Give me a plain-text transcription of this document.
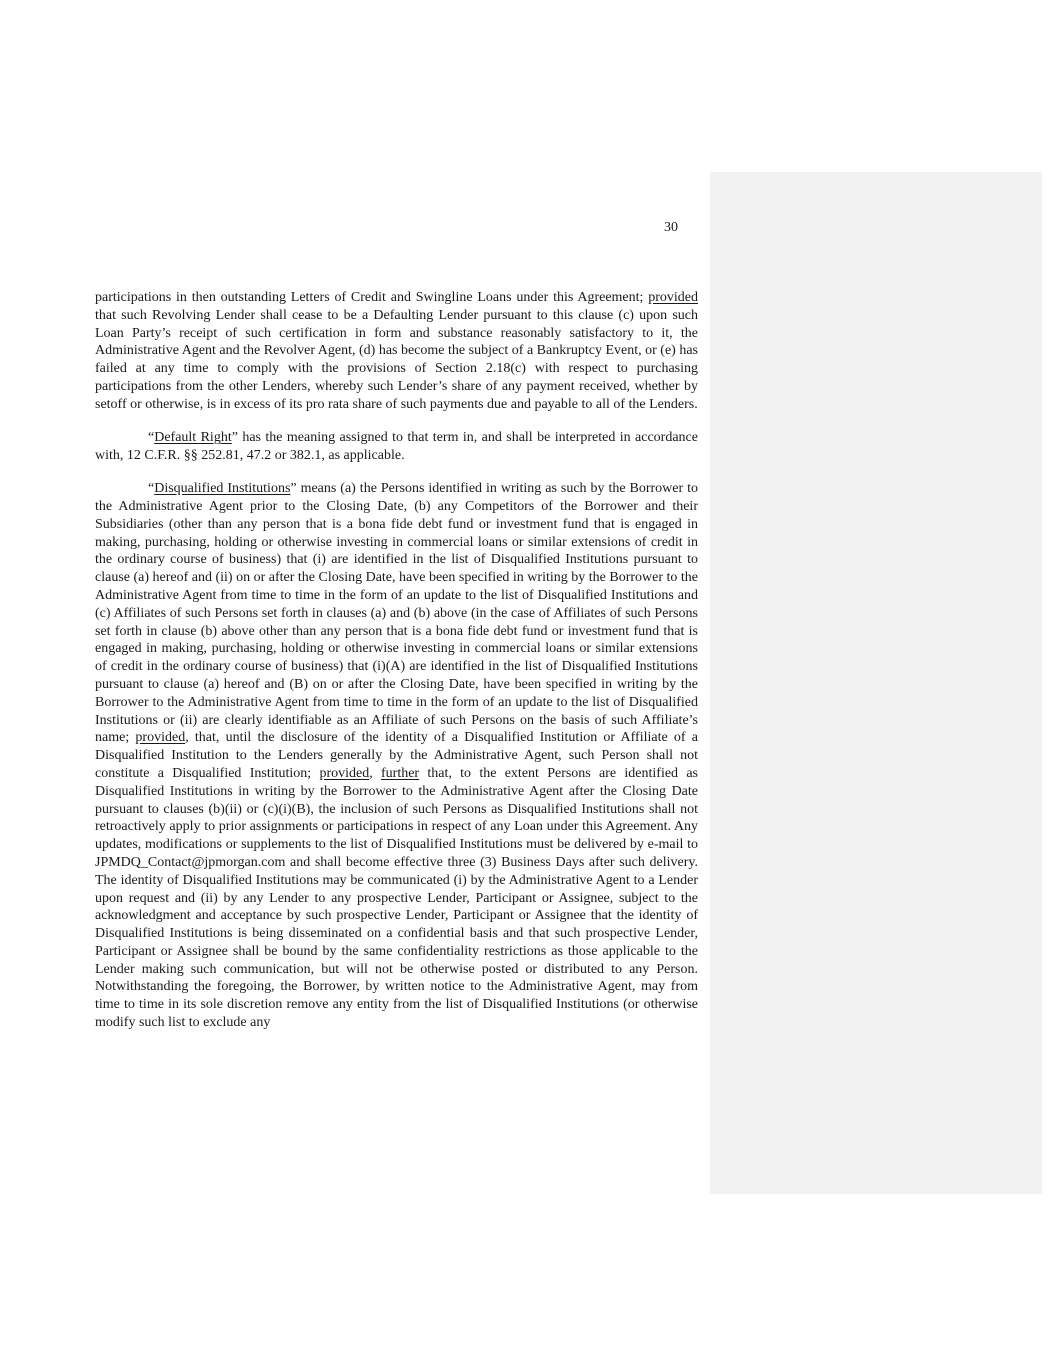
30

participations in then outstanding Letters of Credit and Swingline Loans under this Agreement; provided that such Revolving Lender shall cease to be a Defaulting Lender pursuant to this clause (c) upon such Loan Party’s receipt of such certification in form and substance reasonably satisfactory to it, the Administrative Agent and the Revolver Agent, (d) has become the subject of a Bankruptcy Event, or (e) has failed at any time to comply with the provisions of Section 2.18(c) with respect to purchasing participations from the other Lenders, whereby such Lender’s share of any payment received, whether by setoff or otherwise, is in excess of its pro rata share of such payments due and payable to all of the Lenders.

“Default Right” has the meaning assigned to that term in, and shall be interpreted in accordance with, 12 C.F.R. §§ 252.81, 47.2 or 382.1, as applicable.

“Disqualified Institutions” means (a) the Persons identified in writing as such by the Borrower to the Administrative Agent prior to the Closing Date, (b) any Competitors of the Borrower and their Subsidiaries (other than any person that is a bona fide debt fund or investment fund that is engaged in making, purchasing, holding or otherwise investing in commercial loans or similar extensions of credit in the ordinary course of business) that (i) are identified in the list of Disqualified Institutions pursuant to clause (a) hereof and (ii) on or after the Closing Date, have been specified in writing by the Borrower to the Administrative Agent from time to time in the form of an update to the list of Disqualified Institutions and (c) Affiliates of such Persons set forth in clauses (a) and (b) above (in the case of Affiliates of such Persons set forth in clause (b) above other than any person that is a bona fide debt fund or investment fund that is engaged in making, purchasing, holding or otherwise investing in commercial loans or similar extensions of credit in the ordinary course of business) that (i)(A) are identified in the list of Disqualified Institutions pursuant to clause (a) hereof and (B) on or after the Closing Date, have been specified in writing by the Borrower to the Administrative Agent from time to time in the form of an update to the list of Disqualified Institutions or (ii) are clearly identifiable as an Affiliate of such Persons on the basis of such Affiliate’s name; provided, that, until the disclosure of the identity of a Disqualified Institution or Affiliate of a Disqualified Institution to the Lenders generally by the Administrative Agent, such Person shall not constitute a Disqualified Institution; provided, further that, to the extent Persons are identified as Disqualified Institutions in writing by the Borrower to the Administrative Agent after the Closing Date pursuant to clauses (b)(ii) or (c)(i)(B), the inclusion of such Persons as Disqualified Institutions shall not retroactively apply to prior assignments or participations in respect of any Loan under this Agreement. Any updates, modifications or supplements to the list of Disqualified Institutions must be delivered by e-mail to JPMDQ_Contact@jpmorgan.com and shall become effective three (3) Business Days after such delivery. The identity of Disqualified Institutions may be communicated (i) by the Administrative Agent to a Lender upon request and (ii) by any Lender to any prospective Lender, Participant or Assignee, subject to the acknowledgment and acceptance by such prospective Lender, Participant or Assignee that the identity of Disqualified Institutions is being disseminated on a confidential basis and that such prospective Lender, Participant or Assignee shall be bound by the same confidentiality restrictions as those applicable to the Lender making such communication, but will not be otherwise posted or distributed to any Person. Notwithstanding the foregoing, the Borrower, by written notice to the Administrative Agent, may from time to time in its sole discretion remove any entity from the list of Disqualified Institutions (or otherwise modify such list to exclude any
